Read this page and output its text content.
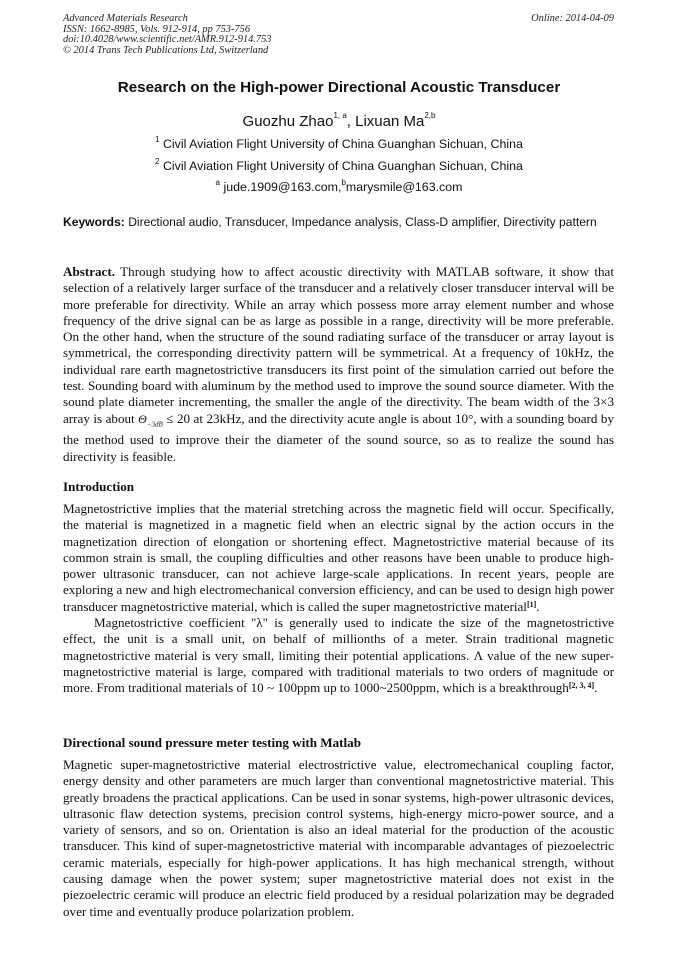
Advanced Materials Research
ISSN: 1662-8985, Vols. 912-914, pp 753-756
doi:10.4028/www.scientific.net/AMR.912-914.753
© 2014 Trans Tech Publications Ltd, Switzerland
Online: 2014-04-09
Research on the High-power Directional Acoustic Transducer
Guozhu Zhao$^{1, a}$, Lixuan Ma$^{2,b}$
$^1$ Civil Aviation Flight University of China Guanghan Sichuan, China
$^2$ Civil Aviation Flight University of China Guanghan Sichuan, China
$^a$ jude.1909@163.com,$^b$marysmile@163.com
Keywords: Directional audio, Transducer, Impedance analysis, Class-D amplifier, Directivity pattern

Abstract. Through studying how to affect acoustic directivity with MATLAB software, it show that selection of a relatively larger surface of the transducer and a relatively closer transducer interval will be more preferable for directivity. While an array which possess more array element number and whose frequency of the drive signal can be as large as possible in a range, directivity will be more preferable. On the other hand, when the structure of the sound radiating surface of the transducer or array layout is symmetrical, the corresponding directivity pattern will be symmetrical. At a frequency of 10kHz, the individual rare earth magnetostrictive transducers its first point of the simulation carried out before the test. Sounding board with aluminum by the method used to improve the sound source diameter. With the sound plate diameter incrementing, the smaller the angle of the directivity. The beam width of the 3×3 array is about $\Theta_{-3dB} \le 20$ at 23kHz, and the directivity acute angle is about 10°, with a sounding board by the method used to improve their the diameter of the sound source, so as to realize the sound has directivity is feasible.

Introduction

Magnetostrictive implies that the material stretching across the magnetic field will occur. Specifically, the material is magnetized in a magnetic field when an electric signal by the action occurs in the magnetization direction of elongation or shortening effect. Magnetostrictive material because of its common strain is small, the coupling difficulties and other reasons have been unable to produce high-power ultrasonic transducer, can not achieve large-scale applications. In recent years, people are exploring a new and high electromechanical conversion efficiency, and can be used to design high power transducer magnetostrictive material, which is called the super magnetostrictive material[1].

Magnetostrictive coefficient "λ" is generally used to indicate the size of the magnetostrictive effect, the unit is a small unit, on behalf of millionths of a meter. Strain traditional magnetic magnetostrictive material is very small, limiting their potential applications. Λ value of the new super-magnetostrictive material is large, compared with traditional materials to two orders of magnitude or more. From traditional materials of 10 ~ 100ppm up to 1000~2500ppm, which is a breakthrough[2, 3, 4].

Directional sound pressure meter testing with Matlab

Magnetic super-magnetostrictive material electrostrictive value, electromechanical coupling factor, energy density and other parameters are much larger than conventional magnetostrictive material. This greatly broadens the practical applications. Can be used in sonar systems, high-power ultrasonic devices, ultrasonic flaw detection systems, precision control systems, high-energy micro-power source, and a variety of sensors, and so on. Orientation is also an ideal material for the production of the acoustic transducer. This kind of super-magnetostrictive material with incomparable advantages of piezoelectric ceramic materials, especially for high-power applications. It has high mechanical strength, without causing damage when the power system; super magnetostrictive material does not exist in the piezoelectric ceramic will produce an electric field produced by a residual polarization may be degraded over time and eventually produce polarization problem.
